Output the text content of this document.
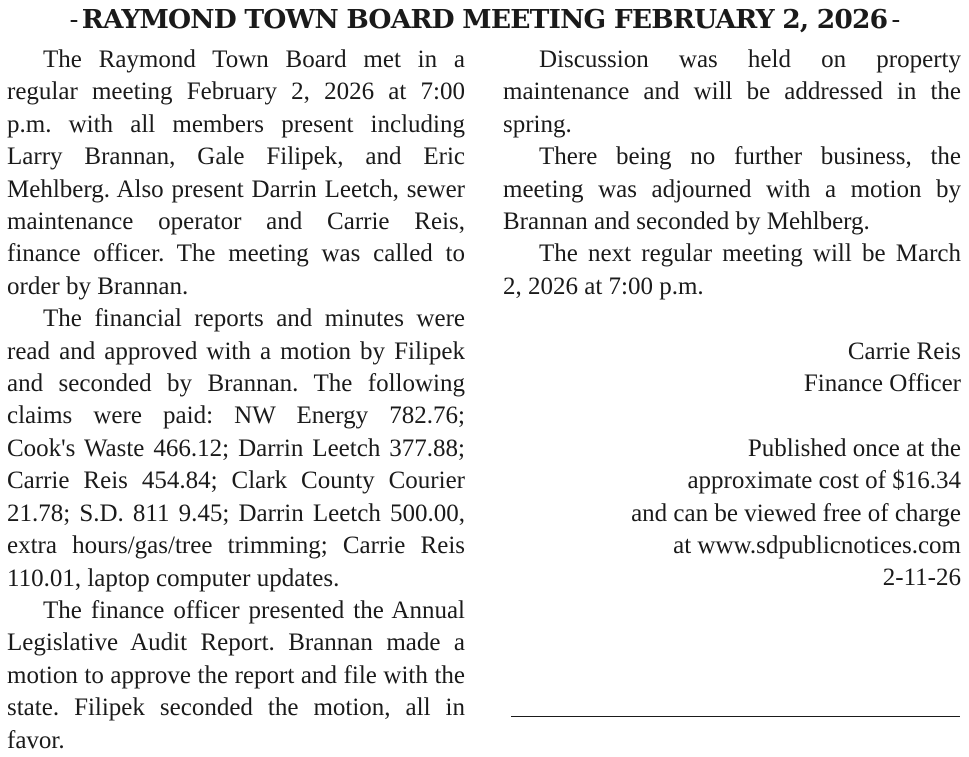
- RAYMOND TOWN BOARD MEETING FEBRUARY 2, 2026 -

The Raymond Town Board met in a regular meeting February 2, 2026 at 7:00 p.m. with all members present including Larry Brannan, Gale Filipek, and Eric Mehlberg. Also present Darrin Leetch, sewer maintenance operator and Carrie Reis, finance officer. The meeting was called to order by Brannan.

The financial reports and minutes were read and approved with a motion by Filipek and seconded by Brannan. The following claims were paid: NW Energy 782.76; Cook's Waste 466.12; Darrin Leetch 377.88; Carrie Reis 454.84; Clark County Courier 21.78; S.D. 811 9.45; Darrin Leetch 500.00, extra hours/gas/tree trimming; Carrie Reis 110.01, laptop computer updates.

The finance officer presented the Annual Legislative Audit Report. Brannan made a motion to approve the report and file with the state. Filipek seconded the motion, all in favor.

Discussion was held on property maintenance and will be addressed in the spring.

There being no further business, the meeting was adjourned with a motion by Brannan and seconded by Mehlberg.

The next regular meeting will be March 2, 2026 at 7:00 p.m.

Carrie Reis
Finance Officer
Published once at the
approximate cost of $16.34
and can be viewed free of charge
at www.sdpublicnotices.com
2-11-26
